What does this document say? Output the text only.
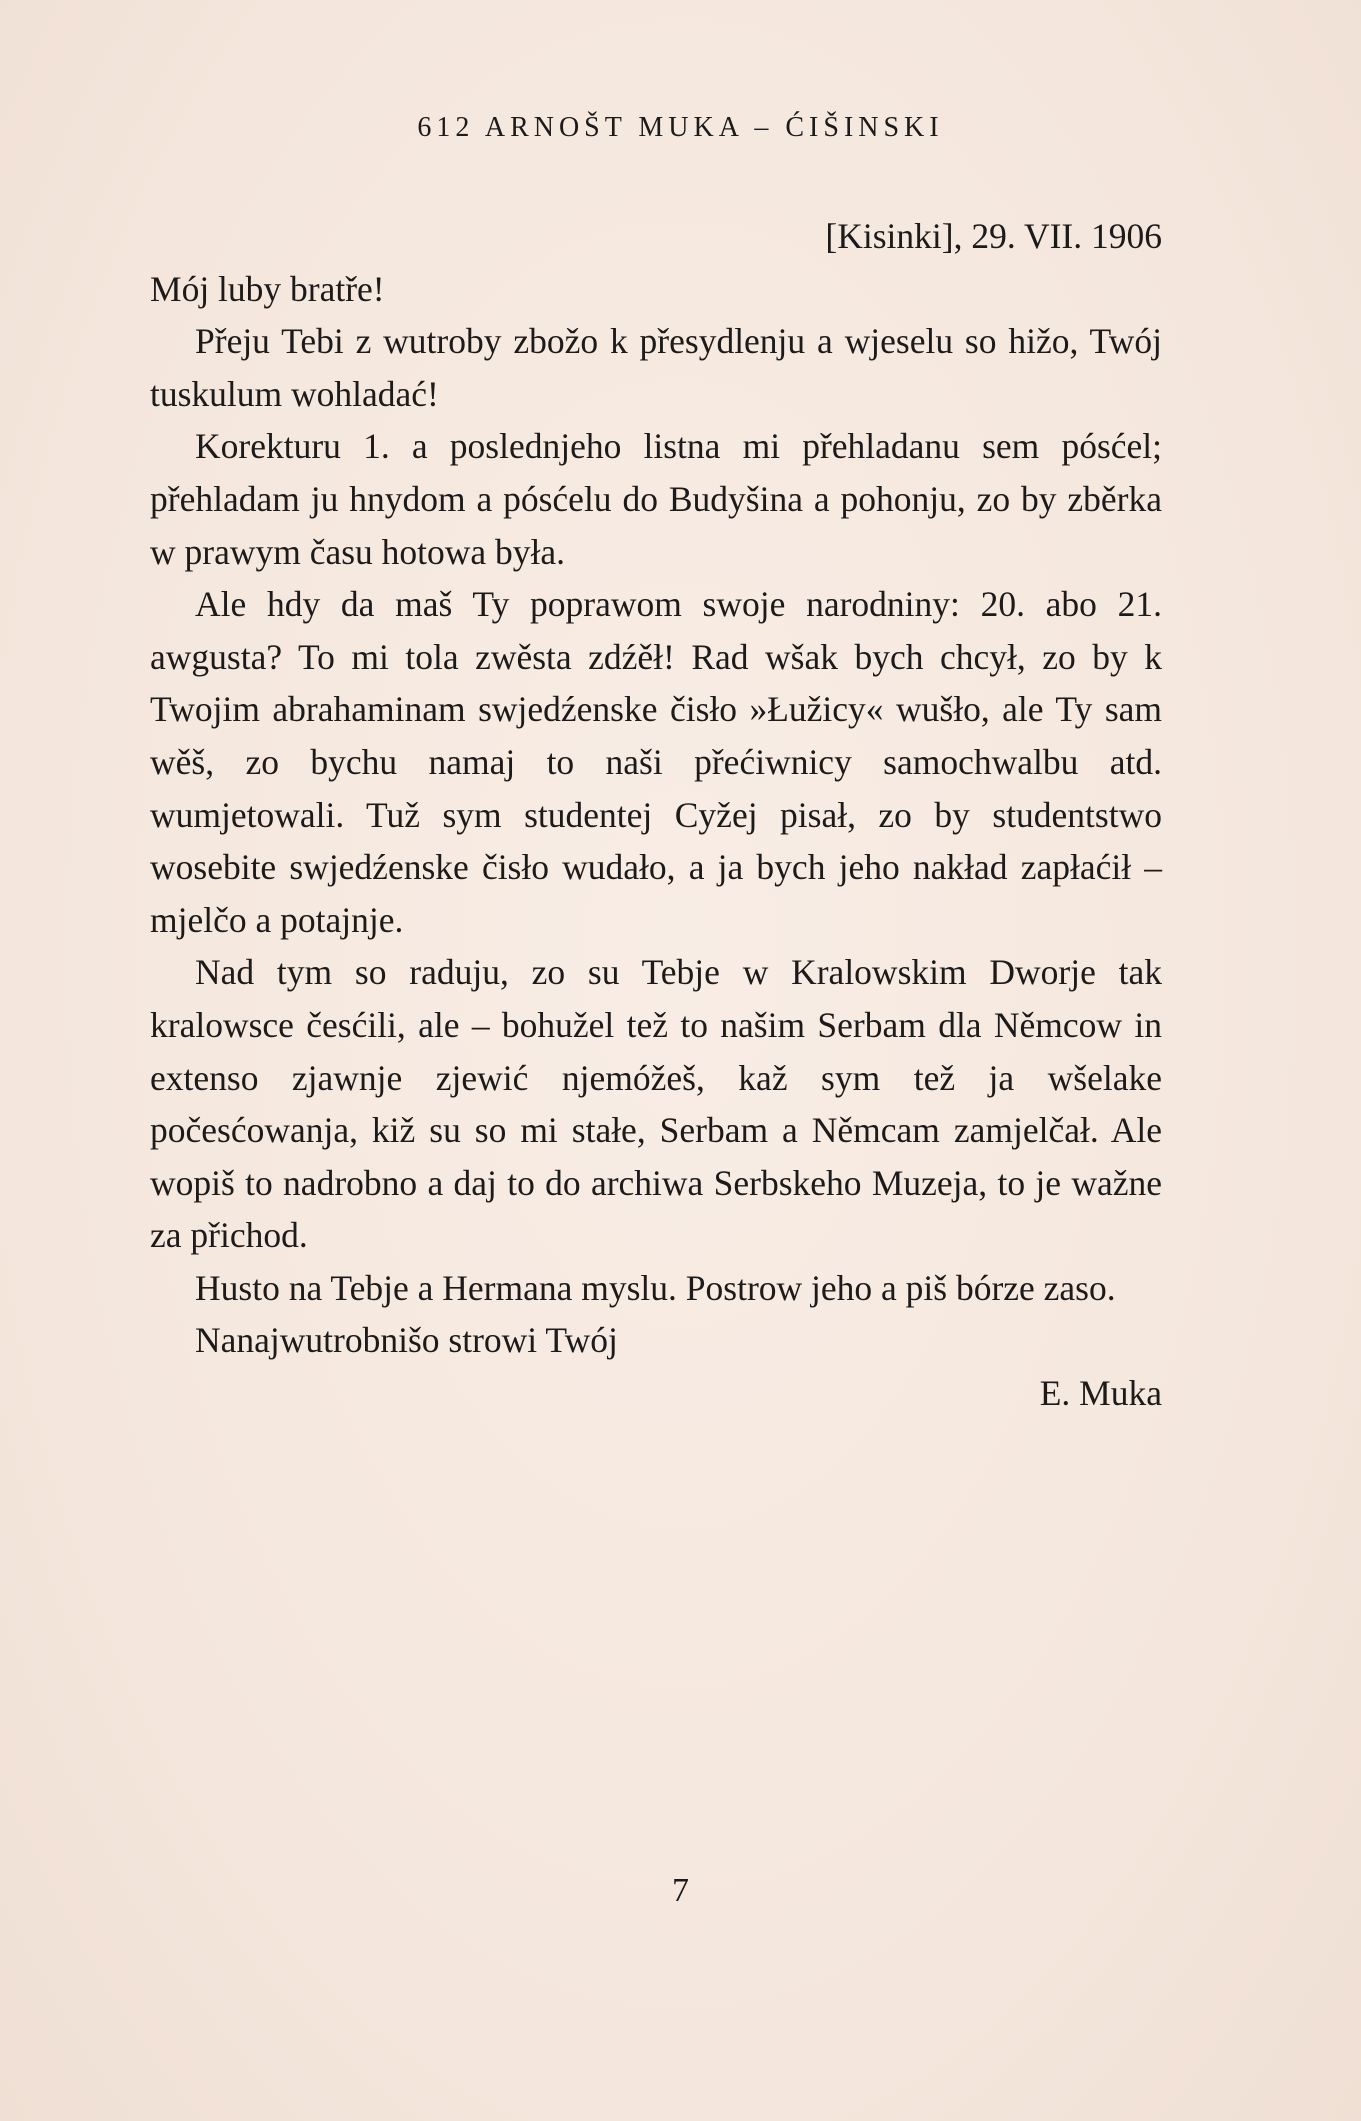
612 ARNOŠT MUKA – ĆIŠINSKI

[Kisinki], 29. VII. 1906

Mój luby bratře!

Přeju Tebi z wutroby zbožo k přesydlenju a wjeselu so hižo, Twój tuskulum wohladać!

Korekturu 1. a poslednjeho listna mi přehladanu sem pósćel; přehladam ju hnydom a pósćelu do Budyšina a pohonju, zo by zběrka w prawym času hotowa była.

Ale hdy da maš Ty poprawom swoje narodniny: 20. abo 21. awgusta? To mi tola zwěsta zdźěł! Rad wšak bych chcył, zo by k Twojim abrahaminam swjedźenske čisło »Łužicy« wušło, ale Ty sam wěš, zo bychu namaj to naši přećiwnicy samochwalbu atd. wumjetowali. Tuž sym studentej Cyžej pisał, zo by studentstwo wosebite swjedźenske čisło wudało, a ja bych jeho nakład zapłaćił – mjelčo a potajnje.

Nad tym so raduju, zo su Tebje w Kralowskim Dworje tak kralowsce česćili, ale – bohužel tež to našim Serbam dla Němcow in extenso zjawnje zjewić njemóžeš, kaž sym tež ja wšelake počesćowanja, kiž su so mi stałe, Serbam a Němcam zamjelčał. Ale wopiš to nadrobno a daj to do archiwa Serbskeho Muzeja, to je wažne za přichod.

Husto na Tebje a Hermana myslu. Postrow jeho a piš bórze zaso.

Nanajwutrobnišo strowi Twój

E. Muka

7
